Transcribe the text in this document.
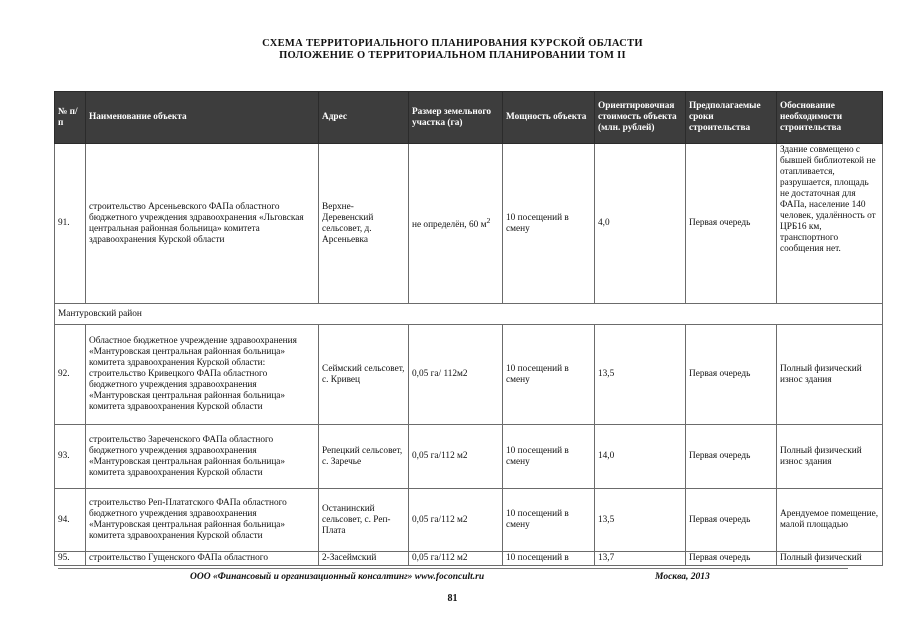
СХЕМА ТЕРРИТОРИАЛЬНОГО ПЛАНИРОВАНИЯ КУРСКОЙ ОБЛАСТИ
ПОЛОЖЕНИЕ О ТЕРРИТОРИАЛЬНОМ ПЛАНИРОВАНИИ ТОМ II
№ п/п	Наименование объекта	Адрес	Размер земельного участка (га)	Мощность объекта	Ориентировочная стоимость объекта (млн. рублей)	Предполагаемые сроки строительства	Обоснование необходимости строительства
91.	строительство Арсеньевского ФАПа областного бюджетного учреждения здравоохранения «Льговская центральная районная больница» комитета здравоохранения Курской области	Верхне-Деревенский сельсовет, д. Арсеньевка	не определён, 60 $м^2$	10 посещений в смену	4,0	Первая очередь	Здание совмещено с бывшей библиотекой не отапливается, разрушается, площадь не достаточная для ФАПа, население 140 человек, удалённость от ЦРБ16 км, транспортного сообщения нет.
Мантуровский район							
92.	Областное бюджетное учреждение здравоохранения «Мантуровская центральная районная больница» комитета здравоохранения Курской области: строительство Кривецкого ФАПа областного бюджетного учреждения здравоохранения «Мантуровская центральная районная больница» комитета здравоохранения Курской области	Сеймский сельсовет, с. Кривец	0,05 га/ 112м2	10 посещений в смену	13,5	Первая очередь	Полный физический износ здания
93.	строительство Зареченского ФАПа областного бюджетного учреждения здравоохранения «Мантуровская центральная районная больница» комитета здравоохранения Курской области	Репецкий сельсовет, с. Заречье	0,05 га/112 м2	10 посещений в смену	14,0	Первая очередь	Полный физический износ здания
94.	строительство Реп-Плататского ФАПа областного бюджетного учреждения здравоохранения «Мантуровская центральная районная больница» комитета здравоохранения Курской области	Останинский сельсовет, с. Реп-Плата	0,05 га/112 м2	10 посещений в смену	13,5	Первая очередь	Арендуемое помещение, малой площадью
95.	строительство Гущенского ФАПа областного	2-Засеймский	0,05 га/112 м2	10 посещений в	13,7	Первая очередь	Полный физический
ООО «Финансовый и организационный консалтинг» www.foconcult.ru	Москва, 2013
81
